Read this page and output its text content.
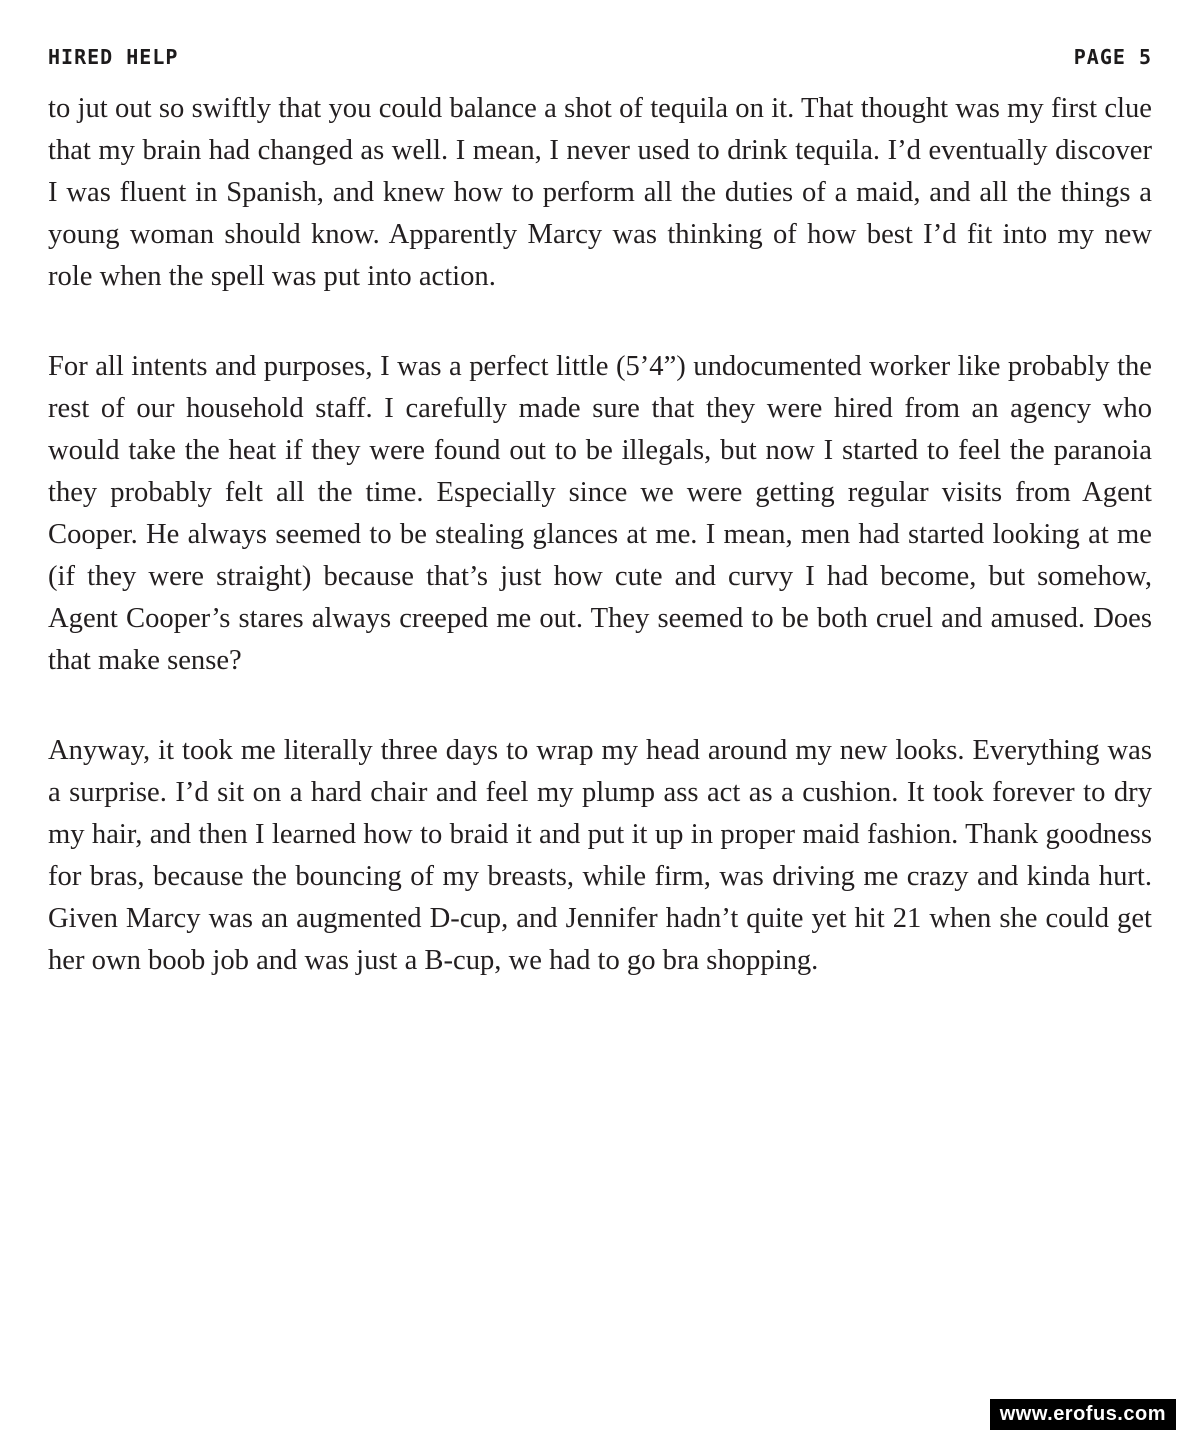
HIRED HELP	PAGE 5

to jut out so swiftly that you could balance a shot of tequila on it. That thought was my first clue that my brain had changed as well. I mean, I never used to drink tequila. I’d eventually discover I was fluent in Spanish, and knew how to perform all the duties of a maid, and all the things a young woman should know. Apparently Marcy was thinking of how best I’d fit into my new role when the spell was put into action.

For all intents and purposes, I was a perfect little (5’4”) undocumented worker like probably the rest of our household staff. I carefully made sure that they were hired from an agency who would take the heat if they were found out to be illegals, but now I started to feel the paranoia they probably felt all the time. Especially since we were getting regular visits from Agent Cooper. He always seemed to be stealing glances at me. I mean, men had started looking at me (if they were straight) because that’s just how cute and curvy I had become, but somehow, Agent Cooper’s stares always creeped me out. They seemed to be both cruel and amused. Does that make sense?

Anyway, it took me literally three days to wrap my head around my new looks. Everything was a surprise. I’d sit on a hard chair and feel my plump ass act as a cushion. It took forever to dry my hair, and then I learned how to braid it and put it up in proper maid fashion. Thank goodness for bras, because the bouncing of my breasts, while firm, was driving me crazy and kinda hurt. Given Marcy was an augmented D-cup, and Jennifer hadn’t quite yet hit 21 when she could get her own boob job and was just a B-cup, we had to go bra shopping.

www.erofus.com
